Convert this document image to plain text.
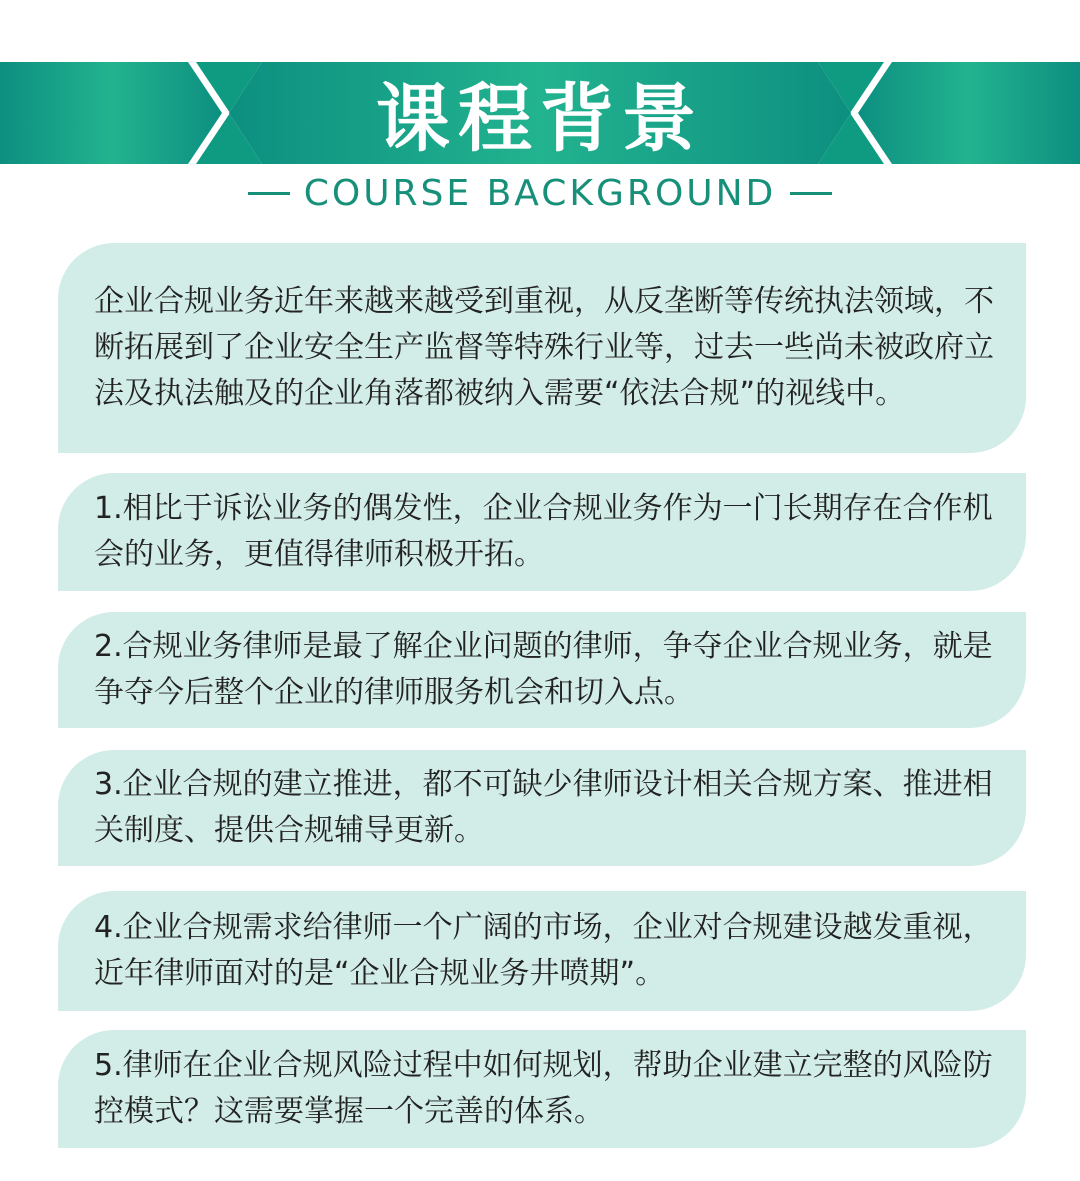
课程背景
COURSE BACKGROUND

企业合规业务近年来越来越受到重视，从反垄断等传统执法领域，不断拓展到了企业安全生产监督等特殊行业等，过去一些尚未被政府立法及执法触及的企业角落都被纳入需要“依法合规”的视线中。

1.相比于诉讼业务的偶发性，企业合规业务作为一门长期存在合作机会的业务，更值得律师积极开拓。

2.合规业务律师是最了解企业问题的律师，争夺企业合规业务，就是争夺今后整个企业的律师服务机会和切入点。

3.企业合规的建立推进，都不可缺少律师设计相关合规方案、推进相关制度、提供合规辅导更新。

4.企业合规需求给律师一个广阔的市场，企业对合规建设越发重视，近年律师面对的是“企业合规业务井喷期”。

5.律师在企业合规风险过程中如何规划，帮助企业建立完整的风险防控模式？这需要掌握一个完善的体系。
